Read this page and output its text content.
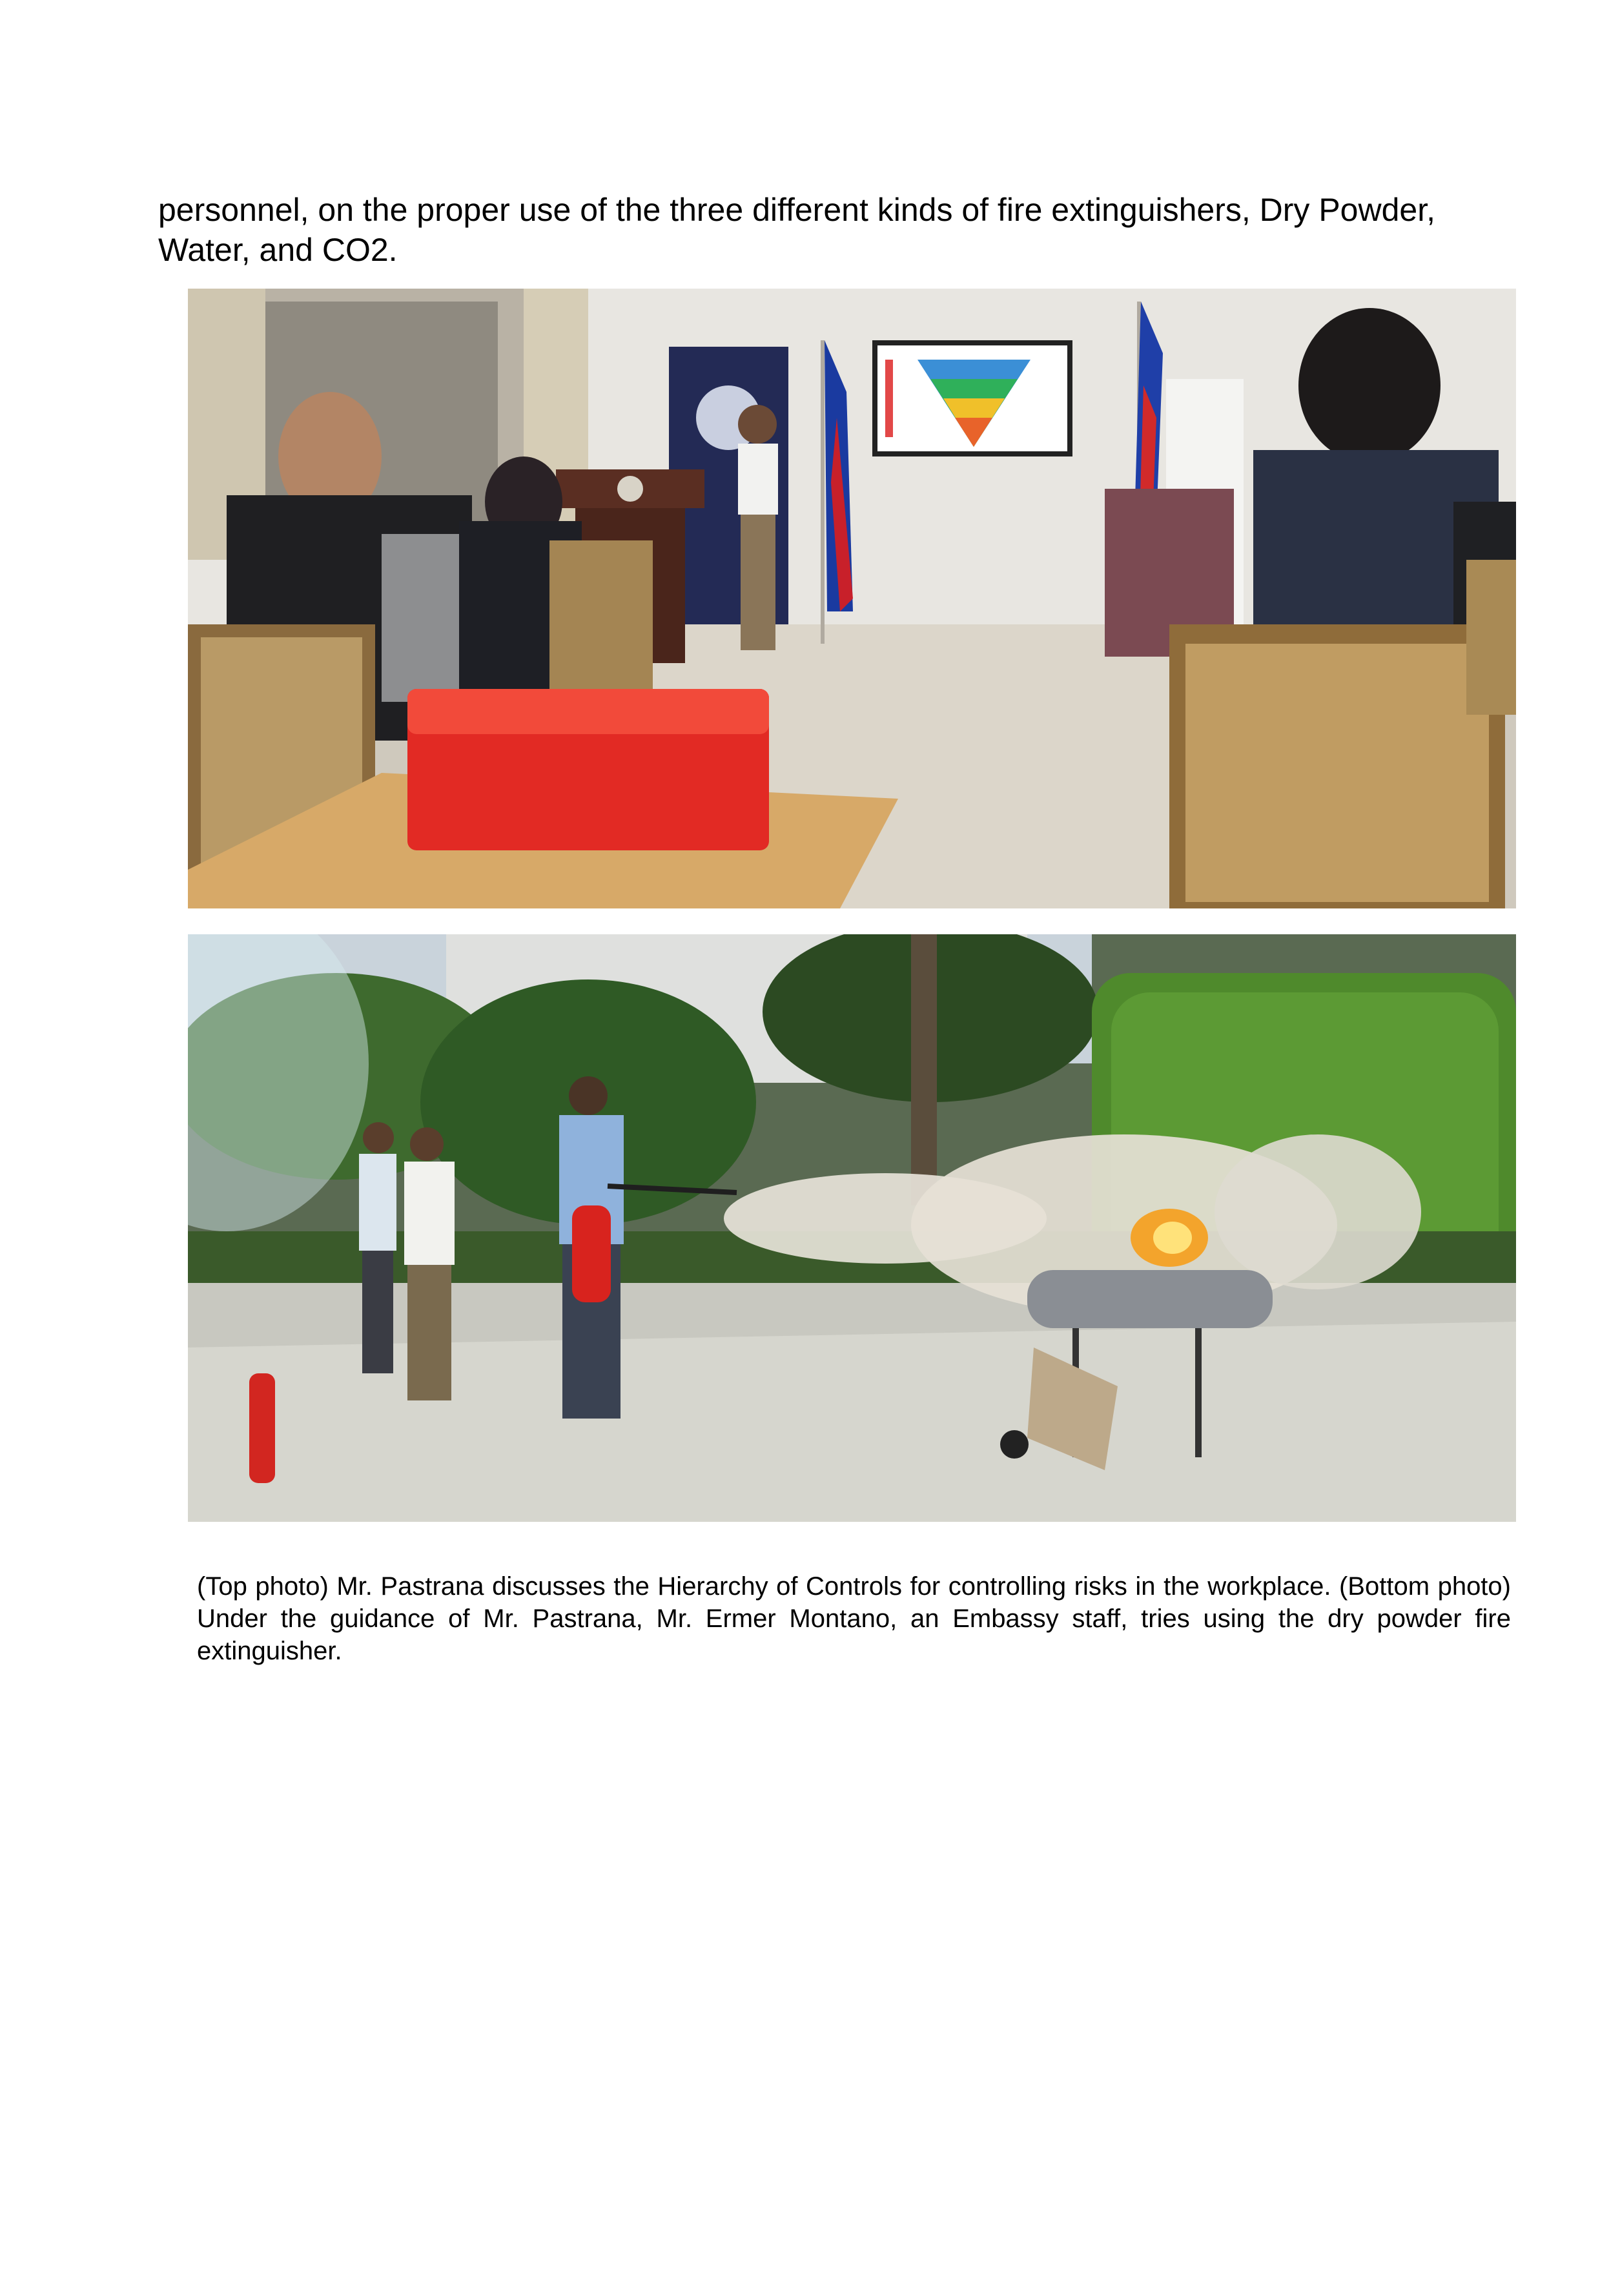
personnel, on the proper use of the three different kinds of fire extinguishers, Dry Powder, Water, and CO2.

(Top photo) Mr. Pastrana discusses the Hierarchy of Controls for controlling risks in the workplace. (Bottom photo) Under the guidance of Mr. Pastrana, Mr. Ermer Montano, an Embassy staff, tries using the dry powder fire extinguisher.
